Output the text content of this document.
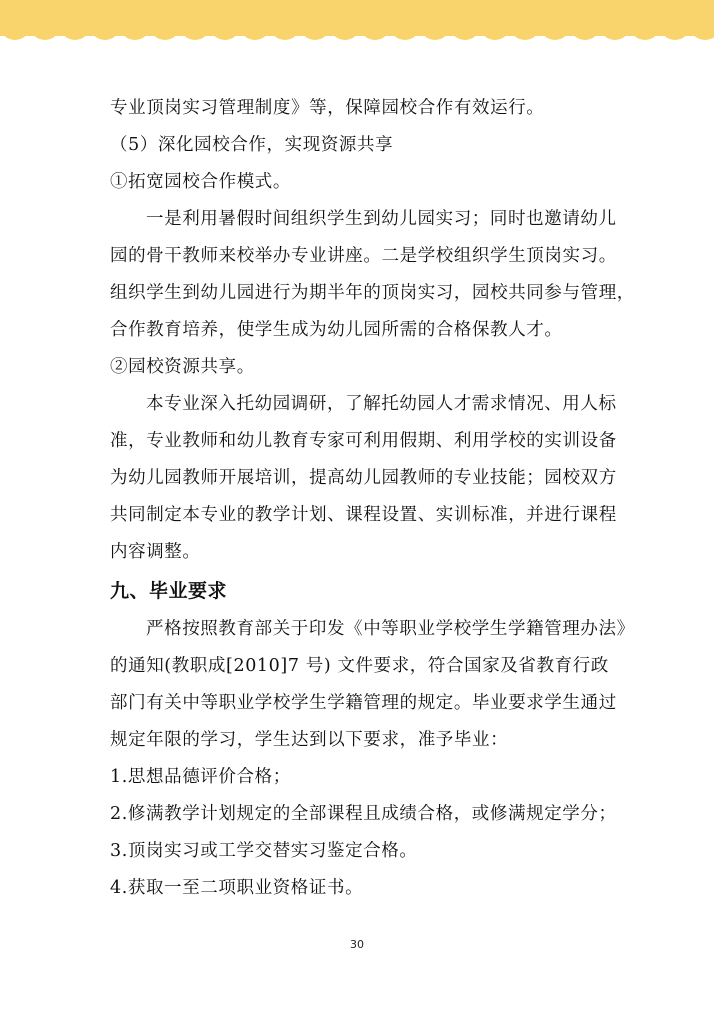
专业顶岗实习管理制度》等，保障园校合作有效运行。
（5）深化园校合作，实现资源共享
①拓宽园校合作模式。
一是利用暑假时间组织学生到幼儿园实习；同时也邀请幼儿
园的骨干教师来校举办专业讲座。二是学校组织学生顶岗实习。
组织学生到幼儿园进行为期半年的顶岗实习，园校共同参与管理，
合作教育培养，使学生成为幼儿园所需的合格保教人才。
②园校资源共享。
本专业深入托幼园调研，了解托幼园人才需求情况、用人标
准，专业教师和幼儿教育专家可利用假期、利用学校的实训设备
为幼儿园教师开展培训，提高幼儿园教师的专业技能；园校双方
共同制定本专业的教学计划、课程设置、实训标准，并进行课程
内容调整。
九、毕业要求
严格按照教育部关于印发《中等职业学校学生学籍管理办法》
的通知(教职成[2010]7 号) 文件要求，符合国家及省教育行政
部门有关中等职业学校学生学籍管理的规定。毕业要求学生通过
规定年限的学习，学生达到以下要求，准予毕业：
1.思想品德评价合格；
2.修满教学计划规定的全部课程且成绩合格，或修满规定学分；
3.顶岗实习或工学交替实习鉴定合格。
4.获取一至二项职业资格证书。
30
